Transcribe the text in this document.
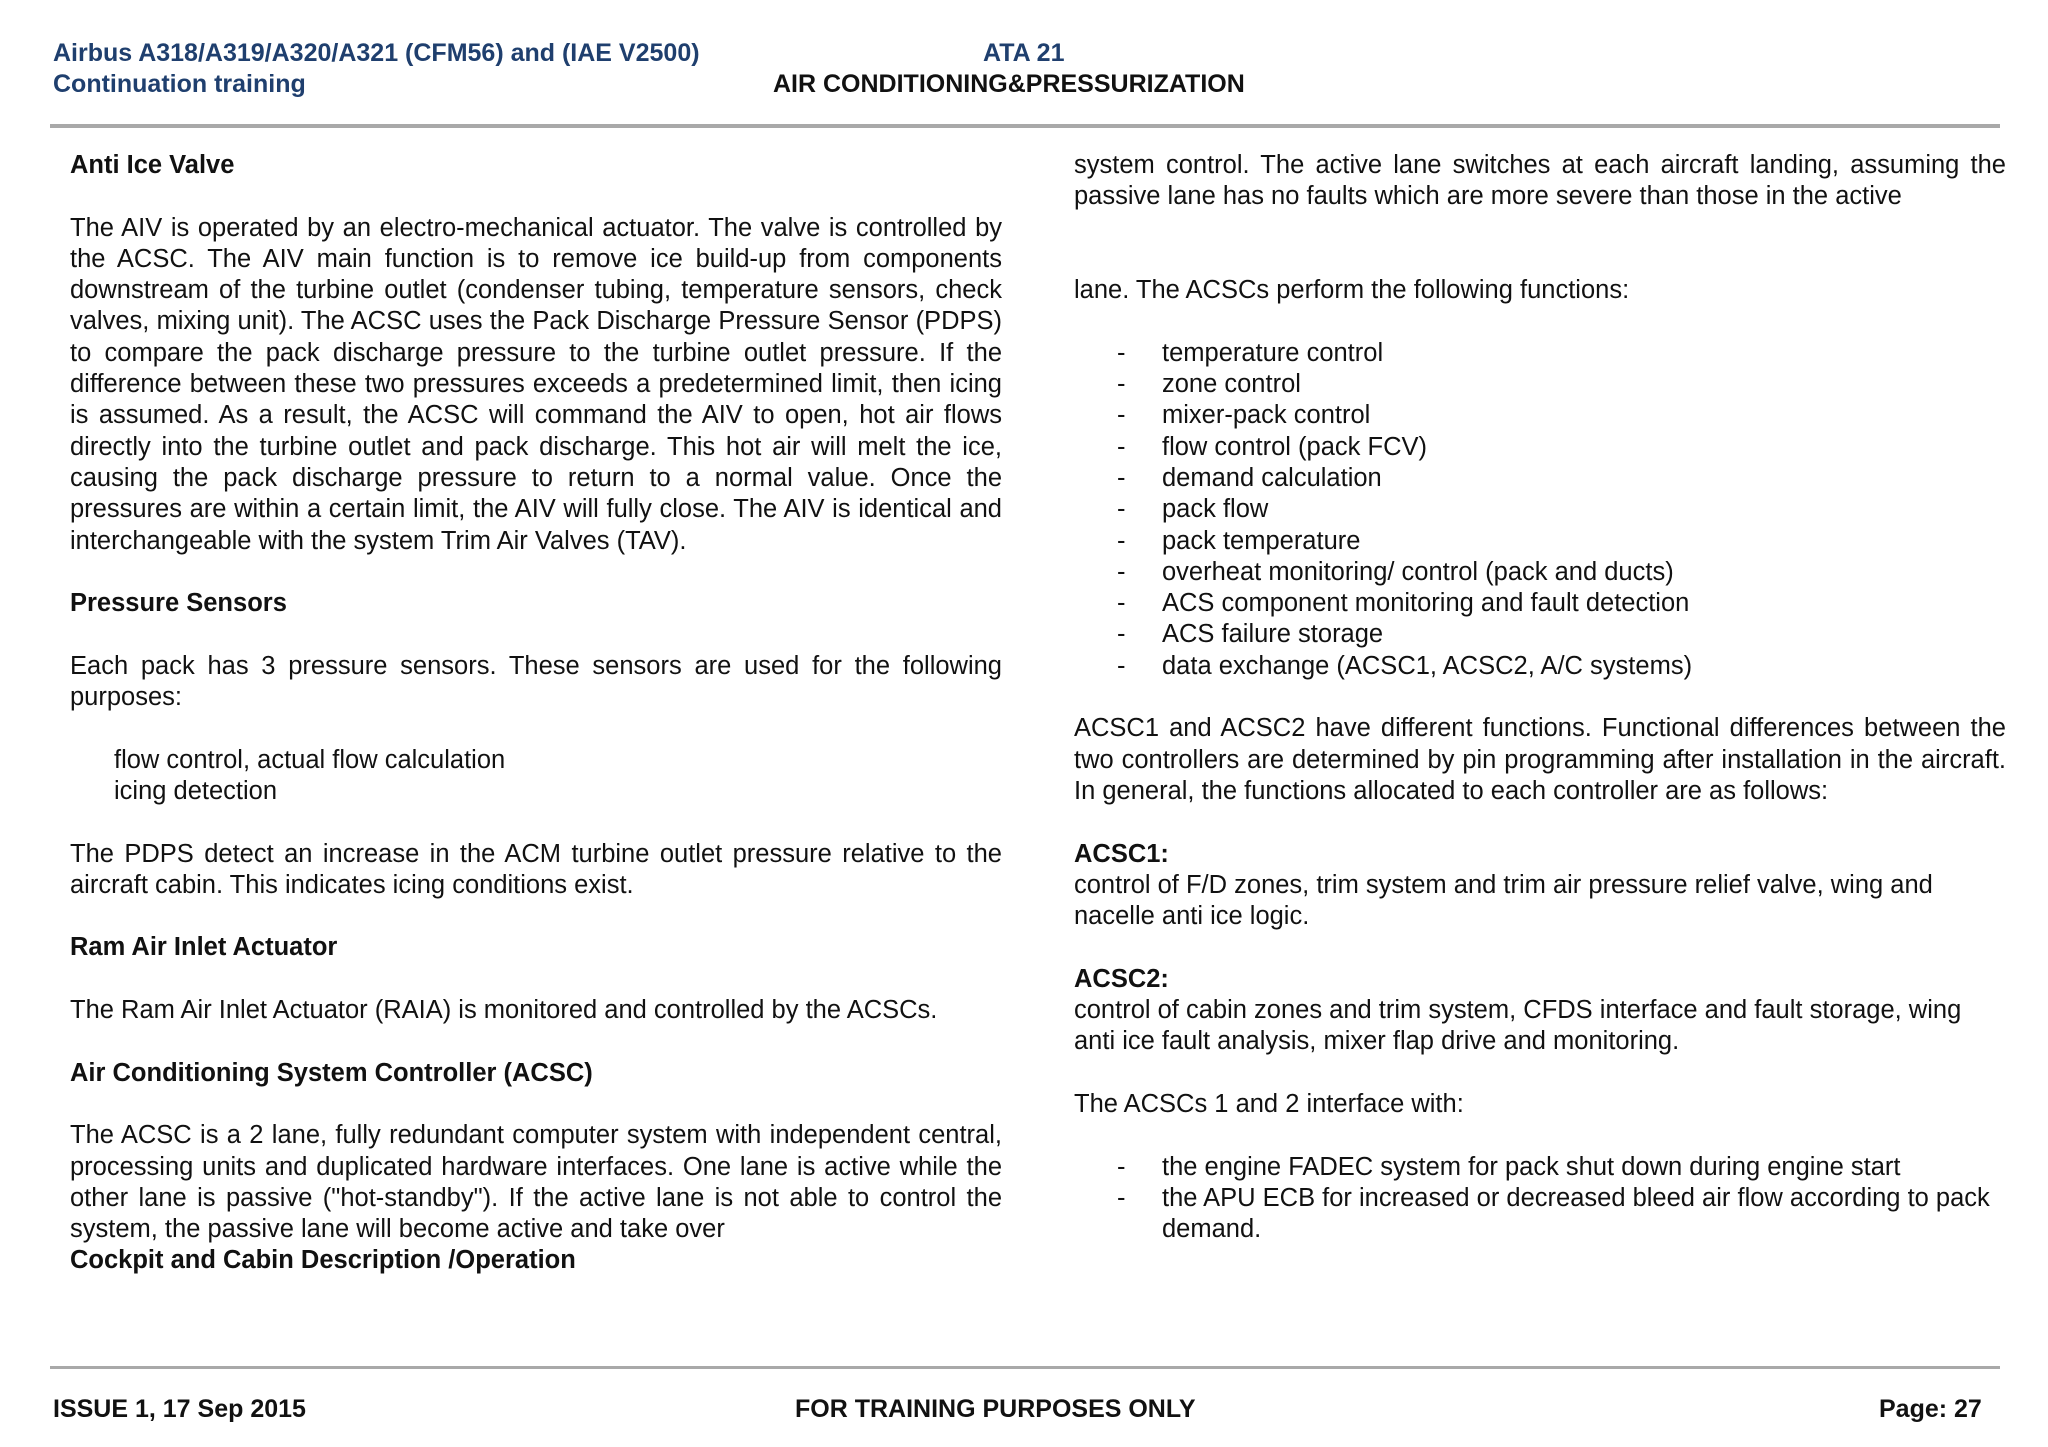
Airbus A318/A319/A320/A321 (CFM56) and (IAE V2500)
Continuation training
ATA 21
AIR CONDITIONING&PRESSURIZATION

Anti Ice Valve

The AIV is operated by an electro-mechanical actuator. The valve is controlled by the ACSC. The AIV main function is to remove ice build-up from components downstream of the turbine outlet (condenser tubing, temperature sensors, check valves, mixing unit). The ACSC uses the Pack Discharge Pressure Sensor (PDPS) to compare the pack discharge pressure to the turbine outlet pressure. If the difference between these two pressures exceeds a predetermined limit, then icing is assumed. As a result, the ACSC will command the AIV to open, hot air flows directly into the turbine outlet and pack discharge. This hot air will melt the ice, causing the pack discharge pressure to return to a normal value. Once the pressures are within a certain limit, the AIV will fully close. The AIV is identical and interchangeable with the system Trim Air Valves (TAV).

Pressure Sensors

Each pack has 3 pressure sensors. These sensors are used for the following purposes:

flow control, actual flow calculation

icing detection

The PDPS detect an increase in the ACM turbine outlet pressure relative to the aircraft cabin. This indicates icing conditions exist.

Ram Air Inlet Actuator

The Ram Air Inlet Actuator (RAIA) is monitored and controlled by the ACSCs.

Air Conditioning System Controller (ACSC)

The ACSC is a 2 lane, fully redundant computer system with independent central, processing units and duplicated hardware interfaces. One lane is active while the other lane is passive ("hot-standby"). If the active lane is not able to control the system, the passive lane will become active and take over

Cockpit and Cabin Description /Operation

system control. The active lane switches at each aircraft landing, assuming the passive lane has no faults which are more severe than those in the active

lane. The ACSCs perform the following functions:

- temperature control
- zone control
- mixer-pack control
- flow control (pack FCV)
- demand calculation
- pack flow
- pack temperature
- overheat monitoring/ control (pack and ducts)
- ACS component monitoring and fault detection
- ACS failure storage
- data exchange (ACSC1, ACSC2, A/C systems)

ACSC1 and ACSC2 have different functions. Functional differences between the two controllers are determined by pin programming after installation in the aircraft. In general, the functions allocated to each controller are as follows:

ACSC1:

control of F/D zones, trim system and trim air pressure relief valve, wing and nacelle anti ice logic.

ACSC2:

control of cabin zones and trim system, CFDS interface and fault storage, wing anti ice fault analysis, mixer flap drive and monitoring.

The ACSCs 1 and 2 interface with:

- the engine FADEC system for pack shut down during engine start
- the APU ECB for increased or decreased bleed air flow according to pack demand.
ISSUE 1, 17 Sep 2015	FOR TRAINING PURPOSES ONLY	Page: 27
